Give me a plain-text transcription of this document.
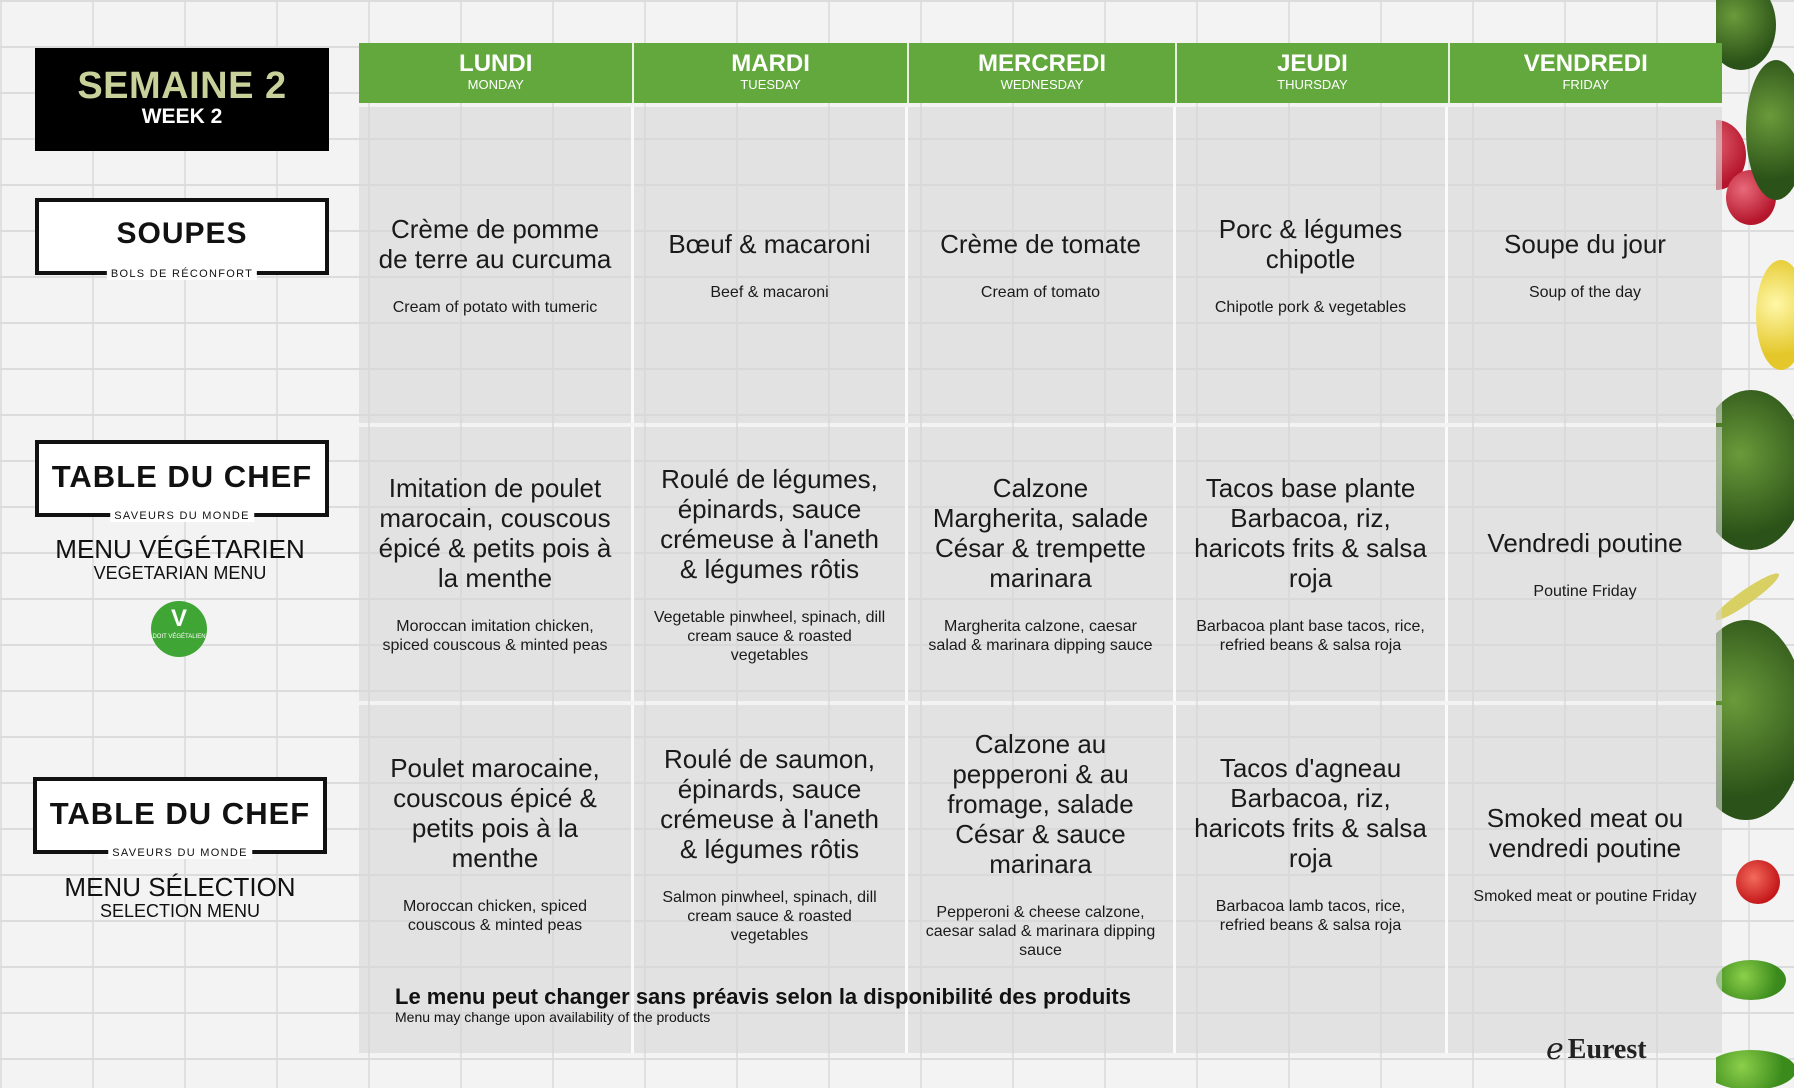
SEMAINE 2
WEEK 2
SOUPES
BOLS DE RÉCONFORT
TABLE DU CHEF
SAVEURS DU MONDE
MENU VÉGÉTARIEN
VEGETARIAN MENU
V
DOIT VÉGÉTALIEN
TABLE DU CHEF
SAVEURS DU MONDE
MENU SÉLECTION
SELECTION MENU
LUNDI
MONDAY
MARDI
TUESDAY
MERCREDI
WEDNESDAY
JEUDI
THURSDAY
VENDREDI
FRIDAY
Crème de pomme de terre au curcuma
Cream of potato with tumeric
Bœuf & macaroni
Beef & macaroni
Crème de tomate
Cream of tomato
Porc & légumes chipotle
Chipotle pork & vegetables
Soupe du jour
Soup of the day
Imitation de poulet marocain, couscous épicé & petits pois à la menthe
Moroccan imitation chicken, spiced couscous & minted peas
Roulé de légumes, épinards, sauce crémeuse à l'aneth & légumes rôtis
Vegetable pinwheel, spinach, dill cream sauce & roasted vegetables
Calzone Margherita, salade César & trempette marinara
Margherita calzone, caesar salad & marinara dipping sauce
Tacos base plante Barbacoa, riz, haricots frits & salsa roja
Barbacoa plant base tacos, rice, refried beans & salsa roja
Vendredi poutine
Poutine Friday
Poulet marocaine, couscous épicé & petits pois à la menthe
Moroccan chicken, spiced couscous & minted peas
Roulé de saumon, épinards, sauce crémeuse à l'aneth & légumes rôtis
Salmon pinwheel, spinach, dill cream sauce & roasted vegetables
Calzone au pepperoni & au fromage, salade César & sauce marinara
Pepperoni & cheese calzone, caesar salad & marinara dipping sauce
Tacos d'agneau Barbacoa, riz, haricots frits & salsa roja
Barbacoa lamb tacos, rice, refried beans & salsa roja
Smoked meat ou vendredi poutine
Smoked meat or poutine Friday
Le menu peut changer sans préavis selon la disponibilité des produits
Menu may change upon availability of the products
ℯ Eurest
